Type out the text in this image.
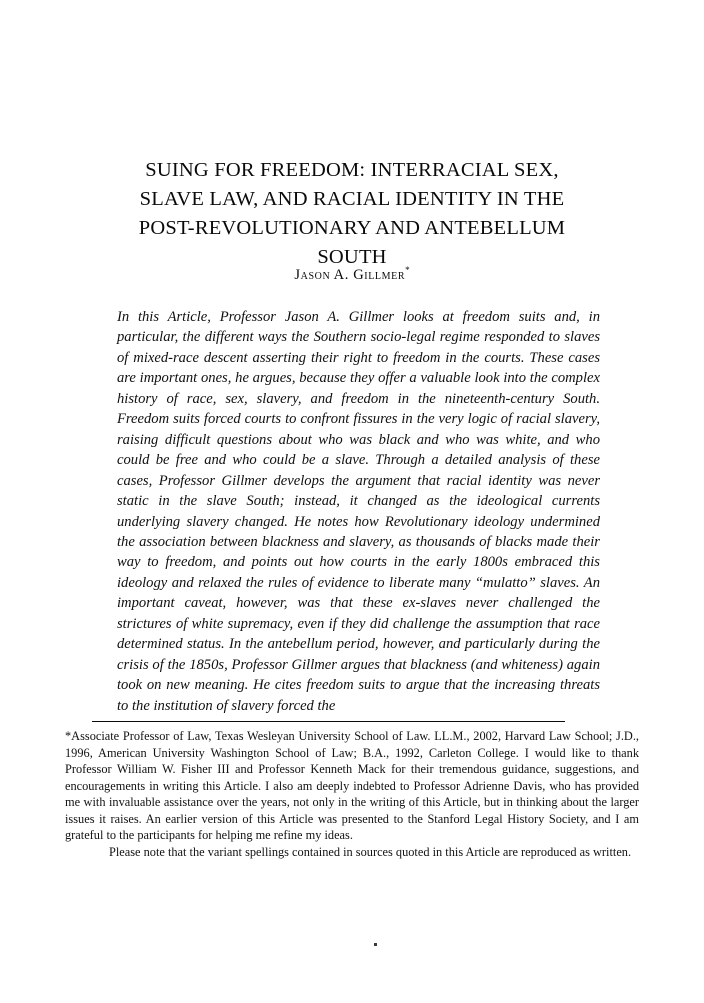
SUING FOR FREEDOM: INTERRACIAL SEX,
SLAVE LAW, AND RACIAL IDENTITY IN THE
POST-REVOLUTIONARY AND ANTEBELLUM
SOUTH
Jason A. Gillmer*
In this Article, Professor Jason A. Gillmer looks at freedom suits and, in particular, the different ways the Southern socio-legal regime responded to slaves of mixed-race descent asserting their right to freedom in the courts. These cases are important ones, he argues, because they offer a valuable look into the complex history of race, sex, slavery, and freedom in the nineteenth-century South. Freedom suits forced courts to confront fissures in the very logic of racial slavery, raising difficult questions about who was black and who was white, and who could be free and who could be a slave. Through a detailed analysis of these cases, Professor Gillmer develops the argument that racial identity was never static in the slave South; instead, it changed as the ideological currents underlying slavery changed. He notes how Revolutionary ideology undermined the association between blackness and slavery, as thousands of blacks made their way to freedom, and points out how courts in the early 1800s embraced this ideology and relaxed the rules of evidence to liberate many “mulatto” slaves. An important caveat, however, was that these ex-slaves never challenged the strictures of white supremacy, even if they did challenge the assumption that race determined status. In the antebellum period, however, and particularly during the crisis of the 1850s, Professor Gillmer argues that blackness (and whiteness) again took on new meaning. He cites freedom suits to argue that the increasing threats to the institution of slavery forced the

*Associate Professor of Law, Texas Wesleyan University School of Law. LL.M., 2002, Harvard Law School; J.D., 1996, American University Washington School of Law; B.A., 1992, Carleton College. I would like to thank Professor William W. Fisher III and Professor Kenneth Mack for their tremendous guidance, suggestions, and encouragements in writing this Article. I also am deeply indebted to Professor Adrienne Davis, who has provided me with invaluable assistance over the years, not only in the writing of this Article, but in thinking about the larger issues it raises. An earlier version of this Article was presented to the Stanford Legal History Society, and I am grateful to the participants for helping me refine my ideas.

Please note that the variant spellings contained in sources quoted in this Article are reproduced as written.
